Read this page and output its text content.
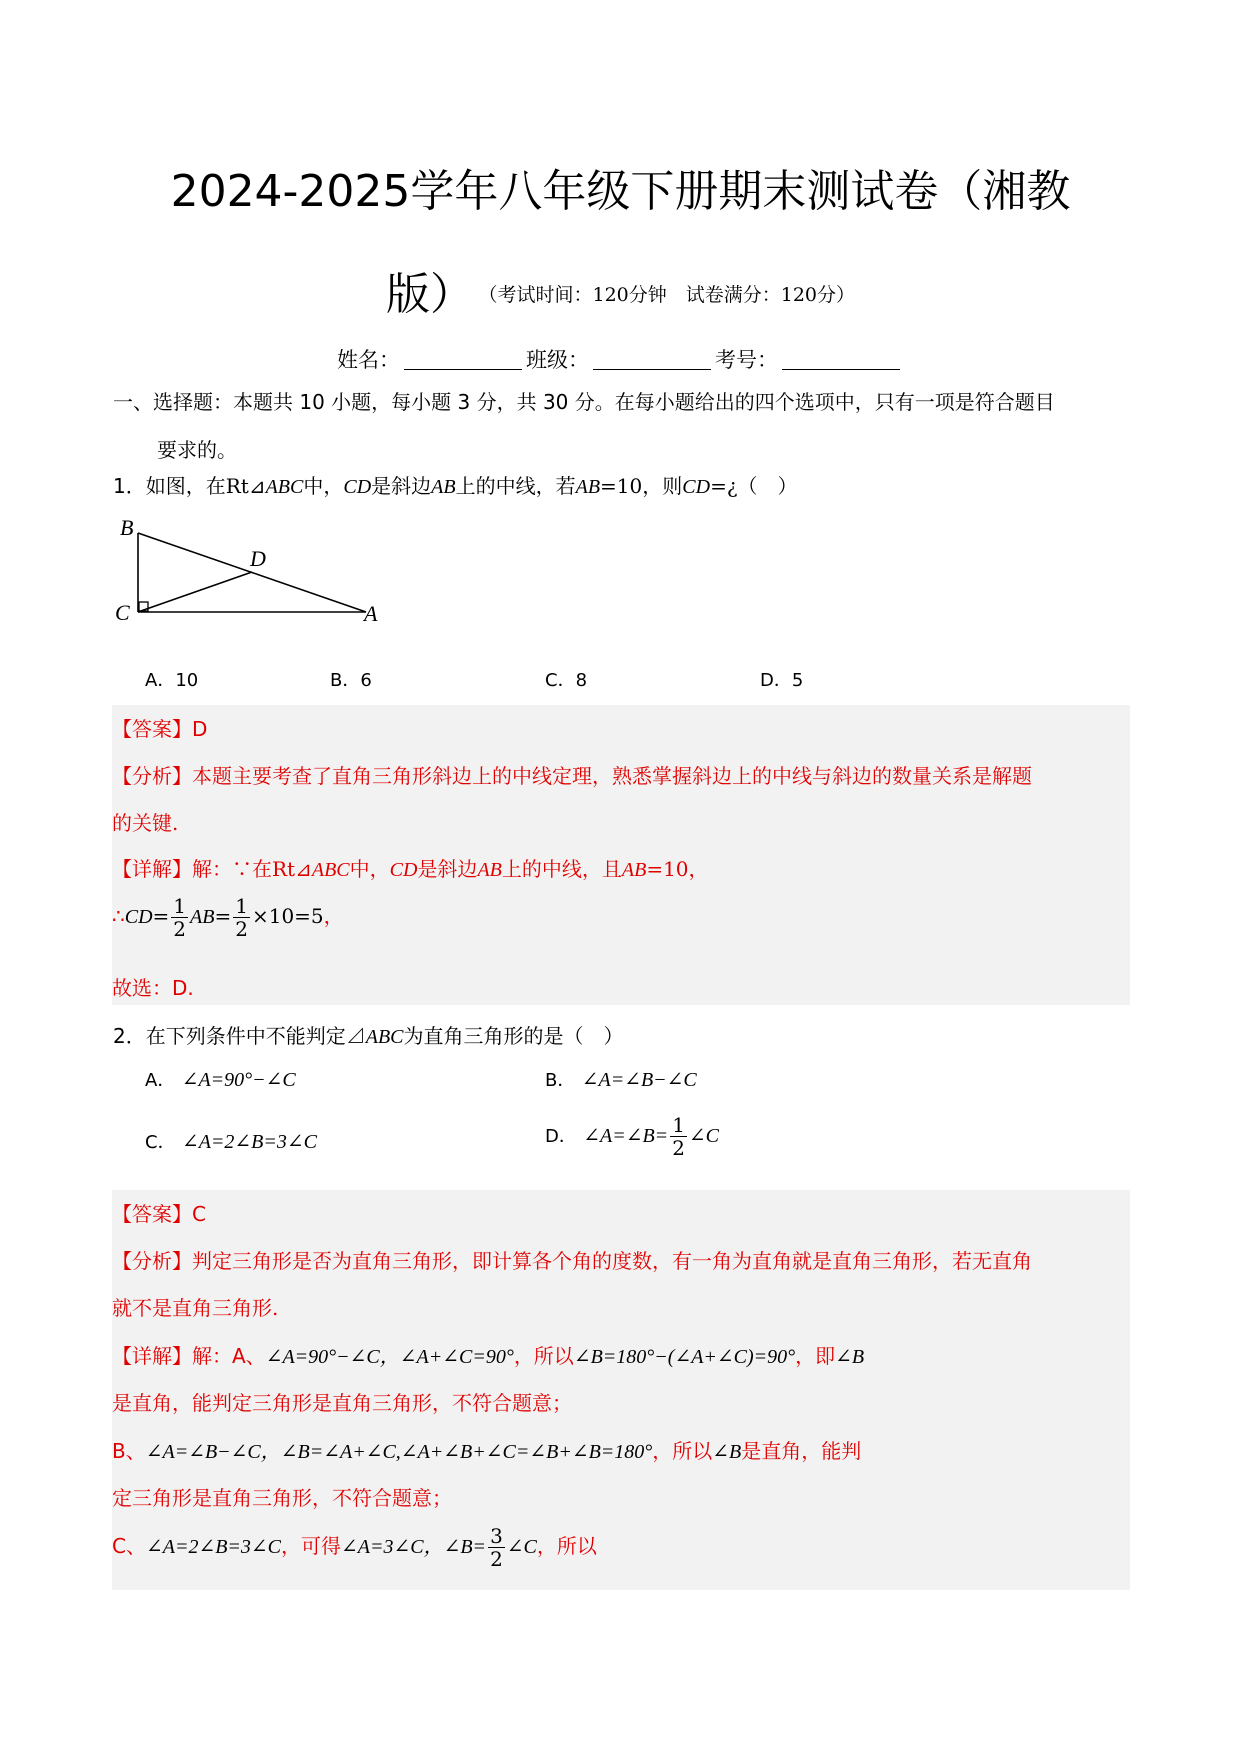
2024-2025学年八年级下册期末测试卷（湘教
版） （考试时间：120分钟　试卷满分：120分）
姓名：	班级：	考号：
一、选择题：本题共 10 小题，每小题 3 分，共 30 分。在每小题给出的四个选项中，只有一项是符合题目
要求的。
1．如图，在Rt⊿ABC中，CD是斜边AB上的中线，若AB=10，则CD=¿（　）
B
C
D
A
A．10	B．6	C．8	D．5
【答案】D
【分析】本题主要考查了直角三角形斜边上的中线定理，熟悉掌握斜边上的中线与斜边的数量关系是解题
的关键.
【详解】解：∵在Rt⊿ABC中，CD是斜边AB上的中线，且AB=10，
∴CD= $\frac{1}{2} AB= \frac{1}{2} \times 10=5$，
故选：D.
2．在下列条件中不能判定⊿ABC为直角三角形的是（　）
A． ∠A=90°−∠C	B． ∠A=∠B−∠C
C． ∠A=2∠B=3∠C	D． ∠A=∠B= $\frac{1}{2}$ ∠C
【答案】C
【分析】判定三角形是否为直角三角形，即计算各个角的度数，有一角为直角就是直角三角形，若无直角
就不是直角三角形.
【详解】解：A、∠A=90°−∠C，∠A+∠C=90°，所以∠B=180°−(∠A+∠C)=90°，即∠B
是直角，能判定三角形是直角三角形，不符合题意；
B、∠A=∠B−∠C，∠B=∠A+∠C,∠A+∠B+∠C=∠B+∠B=180°，所以∠B是直角，能判
定三角形是直角三角形，不符合题意；
C、∠A=2∠B=3∠C，可得∠A=3∠C，∠B= $\frac{3}{2}$ ∠C，所以
